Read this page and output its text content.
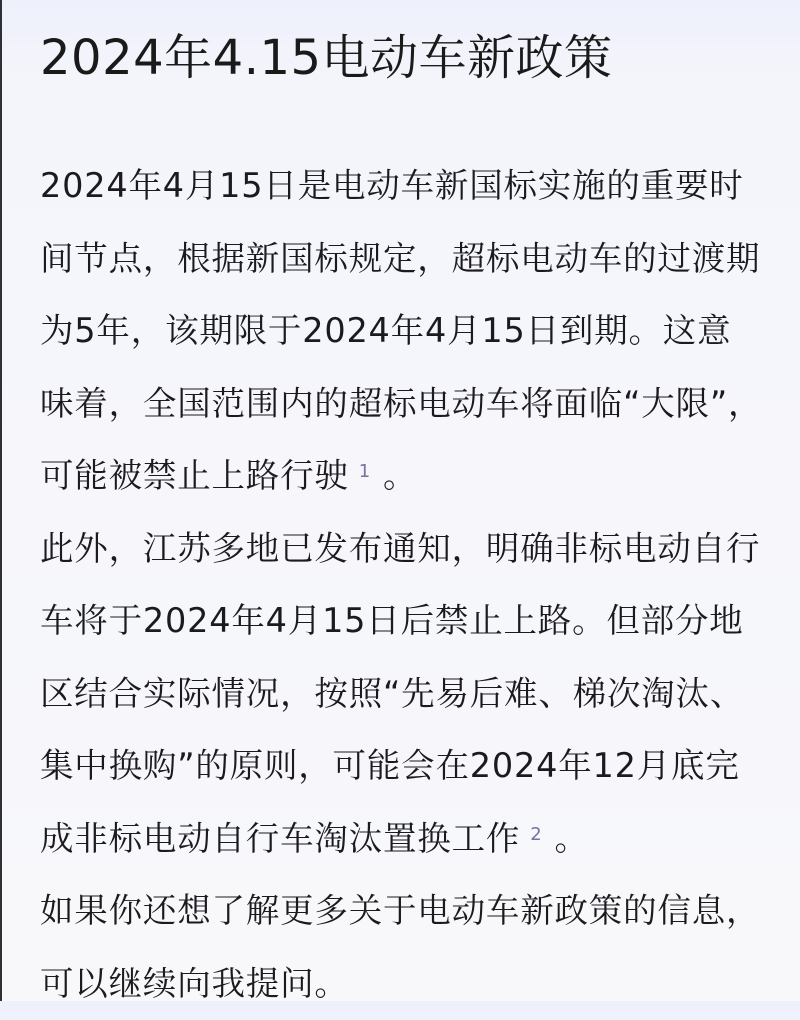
2024年4.15电动车新政策

2024年4月15日是电动车新国标实施的重要时间节点，根据新国标规定，超标电动车的过渡期为5年，该期限于2024年4月15日到期。这意味着，全国范围内的超标电动车将面临“大限”，可能被禁止上路行驶 1 。

此外，江苏多地已发布通知，明确非标电动自行车将于2024年4月15日后禁止上路。但部分地区结合实际情况，按照“先易后难、梯次淘汰、集中换购”的原则，可能会在2024年12月底完成非标电动自行车淘汰置换工作 2 。

如果你还想了解更多关于电动车新政策的信息，可以继续向我提问。
